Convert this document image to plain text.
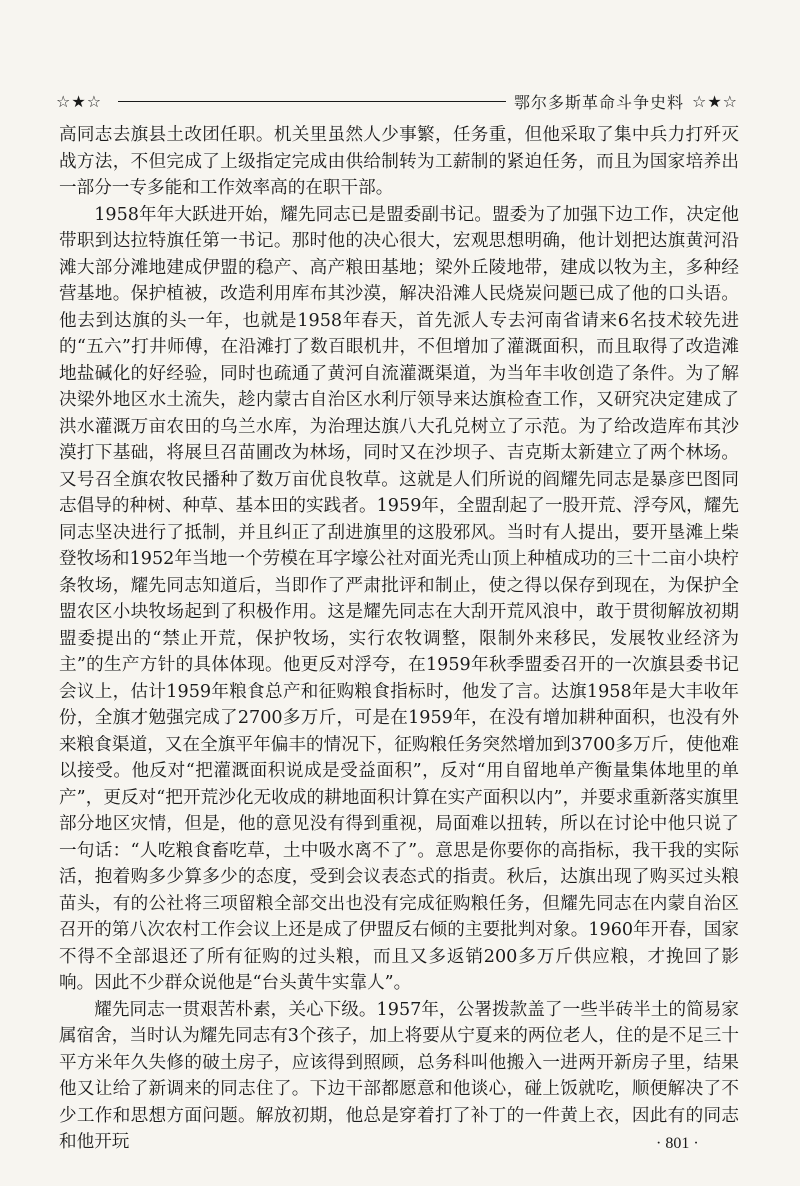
☆★☆	鄂尔多斯革命斗争史料 ☆★☆

高同志去旗县土改团任职。机关里虽然人少事繁，任务重，但他采取了集中兵力打歼灭战方法，不但完成了上级指定完成由供给制转为工薪制的紧迫任务，而且为国家培养出一部分一专多能和工作效率高的在职干部。

1958年年大跃进开始，耀先同志已是盟委副书记。盟委为了加强下边工作，决定他带职到达拉特旗任第一书记。那时他的决心很大，宏观思想明确，他计划把达旗黄河沿滩大部分滩地建成伊盟的稳产、高产粮田基地；梁外丘陵地带，建成以牧为主，多种经营基地。保护植被，改造利用库布其沙漠，解决沿滩人民烧炭问题已成了他的口头语。他去到达旗的头一年，也就是1958年春天，首先派人专去河南省请来6名技术较先进的“五六”打井师傅，在沿滩打了数百眼机井，不但增加了灌溉面积，而且取得了改造滩地盐碱化的好经验，同时也疏通了黄河自流灌溉渠道，为当年丰收创造了条件。为了解决梁外地区水土流失，趁内蒙古自治区水利厅领导来达旗检查工作，又研究决定建成了洪水灌溉万亩农田的乌兰水库，为治理达旗八大孔兑树立了示范。为了给改造库布其沙漠打下基础，将展旦召苗圃改为林场，同时又在沙坝子、吉克斯太新建立了两个林场。又号召全旗农牧民播种了数万亩优良牧草。这就是人们所说的阎耀先同志是暴彦巴图同志倡导的种树、种草、基本田的实践者。1959年，全盟刮起了一股开荒、浮夸风，耀先同志坚决进行了抵制，并且纠正了刮进旗里的这股邪风。当时有人提出，要开垦滩上柴登牧场和1952年当地一个劳模在耳字壕公社对面光秃山顶上种植成功的三十二亩小块柠条牧场，耀先同志知道后，当即作了严肃批评和制止，使之得以保存到现在，为保护全盟农区小块牧场起到了积极作用。这是耀先同志在大刮开荒风浪中，敢于贯彻解放初期盟委提出的“禁止开荒，保护牧场，实行农牧调整，限制外来移民，发展牧业经济为主”的生产方针的具体体现。他更反对浮夸，在1959年秋季盟委召开的一次旗县委书记会议上，估计1959年粮食总产和征购粮食指标时，他发了言。达旗1958年是大丰收年份，全旗才勉强完成了2700多万斤，可是在1959年，在没有增加耕种面积，也没有外来粮食渠道，又在全旗平年偏丰的情况下，征购粮任务突然增加到3700多万斤，使他难以接受。他反对“把灌溉面积说成是受益面积”，反对“用自留地单产衡量集体地里的单产”，更反对“把开荒沙化无收成的耕地面积计算在实产面积以内”，并要求重新落实旗里部分地区灾情，但是，他的意见没有得到重视，局面难以扭转，所以在讨论中他只说了一句话：“人吃粮食畜吃草，土中吸水离不了”。意思是你要你的高指标，我干我的实际活，抱着购多少算多少的态度，受到会议表态式的指责。秋后，达旗出现了购买过头粮苗头，有的公社将三项留粮全部交出也没有完成征购粮任务，但耀先同志在内蒙自治区召开的第八次农村工作会议上还是成了伊盟反右倾的主要批判对象。1960年开春，国家不得不全部退还了所有征购的过头粮，而且又多返销200多万斤供应粮，才挽回了影响。因此不少群众说他是“台头黄牛实靠人”。

耀先同志一贯艰苦朴素，关心下级。1957年，公署拨款盖了一些半砖半土的简易家属宿舍，当时认为耀先同志有3个孩子，加上将要从宁夏来的两位老人，住的是不足三十平方米年久失修的破土房子，应该得到照顾，总务科叫他搬入一进两开新房子里，结果他又让给了新调来的同志住了。下边干部都愿意和他谈心，碰上饭就吃，顺便解决了不少工作和思想方面问题。解放初期，他总是穿着打了补丁的一件黄上衣，因此有的同志和他开玩	· 801 ·
